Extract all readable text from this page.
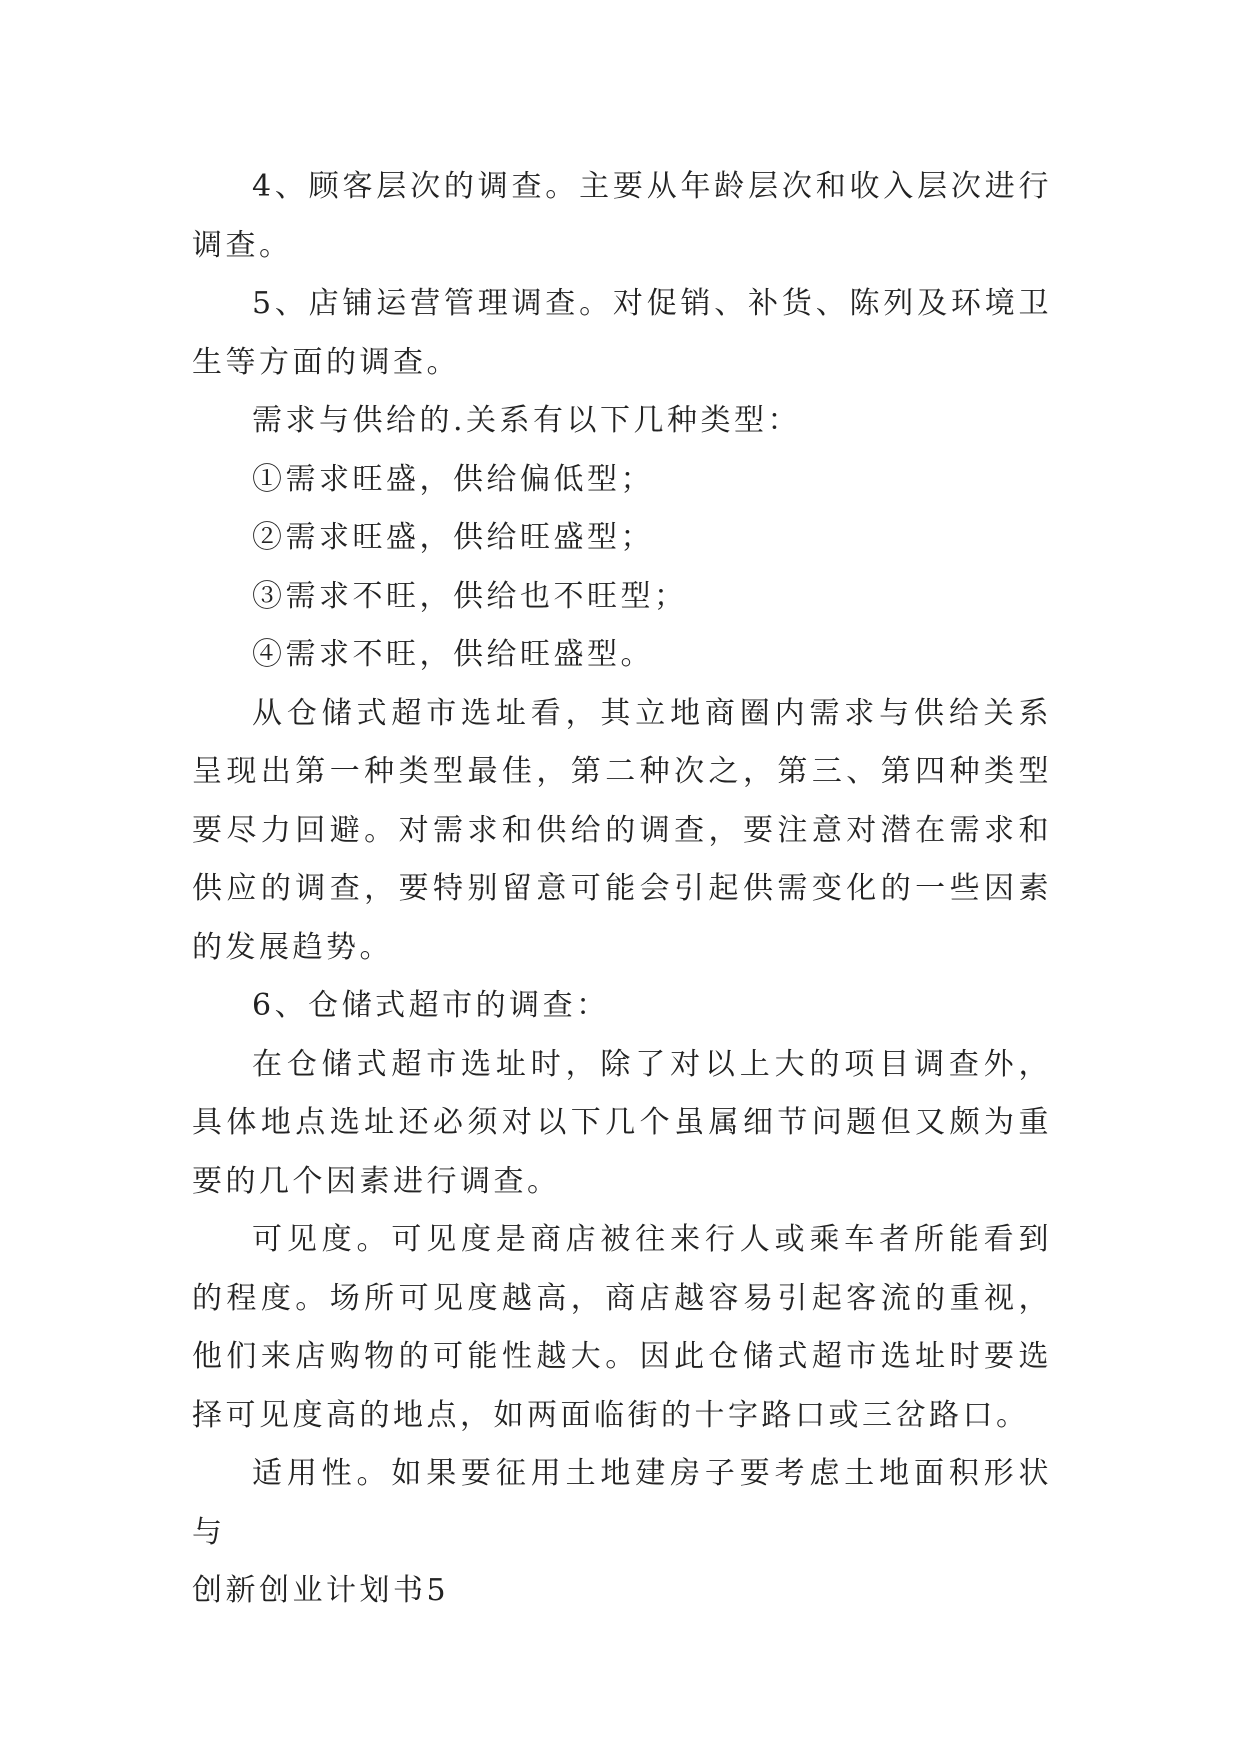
4、顾客层次的调查。主要从年龄层次和收入层次进行调查。

5、店铺运营管理调查。对促销、补货、陈列及环境卫生等方面的调查。

需求与供给的.关系有以下几种类型：

①需求旺盛，供给偏低型；

②需求旺盛，供给旺盛型；

③需求不旺，供给也不旺型；

④需求不旺，供给旺盛型。

从仓储式超市选址看，其立地商圈内需求与供给关系呈现出第一种类型最佳，第二种次之，第三、第四种类型要尽力回避。对需求和供给的调查，要注意对潜在需求和供应的调查，要特别留意可能会引起供需变化的一些因素的发展趋势。

6、仓储式超市的调查：

在仓储式超市选址时，除了对以上大的项目调查外，具体地点选址还必须对以下几个虽属细节问题但又颇为重要的几个因素进行调查。

可见度。可见度是商店被往来行人或乘车者所能看到的程度。场所可见度越高，商店越容易引起客流的重视，他们来店购物的可能性越大。因此仓储式超市选址时要选择可见度高的地点，如两面临街的十字路口或三岔路口。

适用性。如果要征用土地建房子要考虑土地面积形状与

创新创业计划书5
